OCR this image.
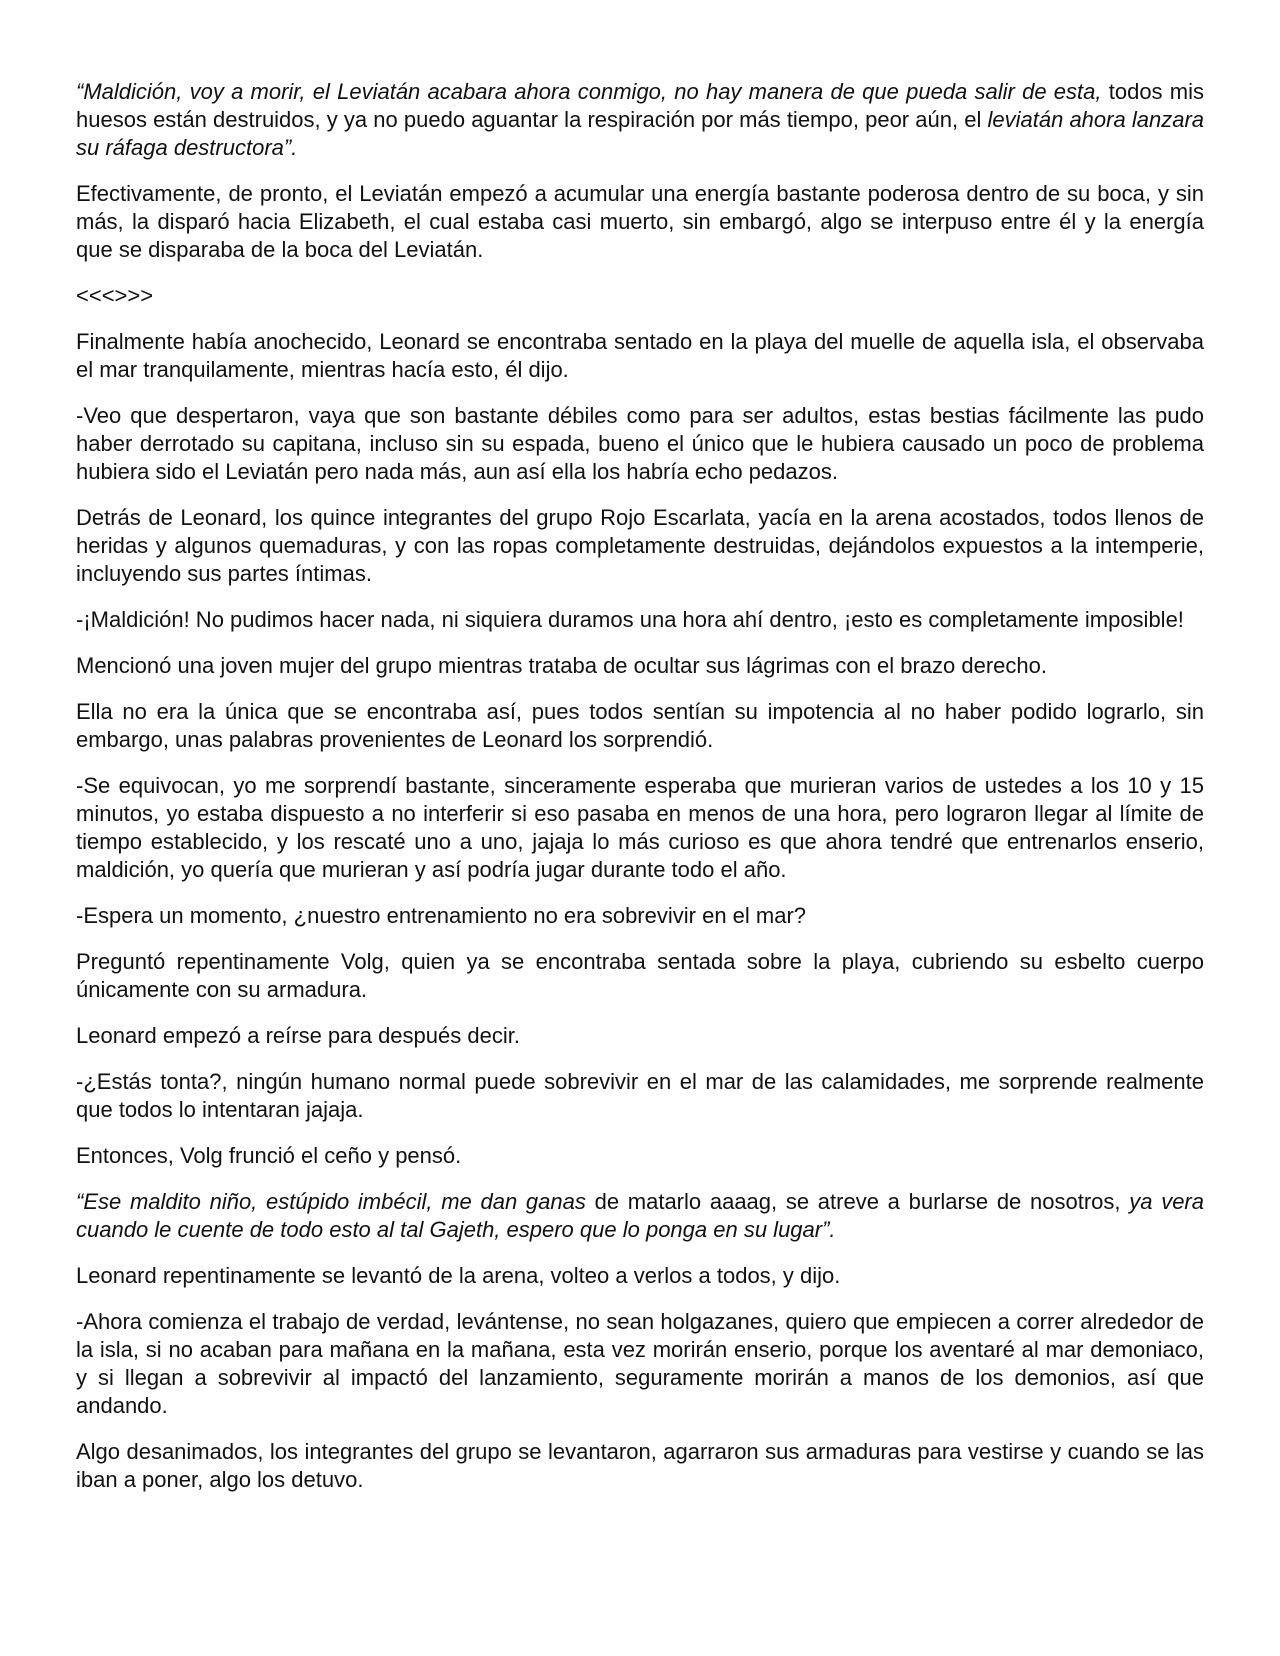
“Maldición, voy a morir, el Leviatán acabara ahora conmigo, no hay manera de que pueda salir de esta, todos mis huesos están destruidos, y ya no puedo aguantar la respiración por más tiempo, peor aún, el leviatán ahora lanzara su ráfaga destructora”.

Efectivamente, de pronto, el Leviatán empezó a acumular una energía bastante poderosa dentro de su boca, y sin más, la disparó hacia Elizabeth, el cual estaba casi muerto, sin embargó, algo se interpuso entre él y la energía que se disparaba de la boca del Leviatán.

<<<>>>

Finalmente había anochecido, Leonard se encontraba sentado en la playa del muelle de aquella isla, el observaba el mar tranquilamente, mientras hacía esto, él dijo.

-Veo que despertaron, vaya que son bastante débiles como para ser adultos, estas bestias fácilmente las pudo haber derrotado su capitana, incluso sin su espada, bueno el único que le hubiera causado un poco de problema hubiera sido el Leviatán pero nada más, aun así ella los habría echo pedazos.

Detrás de Leonard, los quince integrantes del grupo Rojo Escarlata, yacía en la arena acostados, todos llenos de heridas y algunos quemaduras, y con las ropas completamente destruidas, dejándolos expuestos a la intemperie, incluyendo sus partes íntimas.

-¡Maldición! No pudimos hacer nada, ni siquiera duramos una hora ahí dentro, ¡esto es completamente imposible!

Mencionó una joven mujer del grupo mientras trataba de ocultar sus lágrimas con el brazo derecho.

Ella no era la única que se encontraba así, pues todos sentían su impotencia al no haber podido lograrlo, sin embargo, unas palabras provenientes de Leonard los sorprendió.

-Se equivocan, yo me sorprendí bastante, sinceramente esperaba que murieran varios de ustedes a los 10 y 15 minutos, yo estaba dispuesto a no interferir si eso pasaba en menos de una hora, pero lograron llegar al límite de tiempo establecido, y los rescaté uno a uno, jajaja lo más curioso es que ahora tendré que entrenarlos enserio, maldición, yo quería que murieran y así podría jugar durante todo el año.

-Espera un momento, ¿nuestro entrenamiento no era sobrevivir en el mar?

Preguntó repentinamente Volg, quien ya se encontraba sentada sobre la playa, cubriendo su esbelto cuerpo únicamente con su armadura.

Leonard empezó a reírse para después decir.

-¿Estás tonta?, ningún humano normal puede sobrevivir en el mar de las calamidades, me sorprende realmente que todos lo intentaran jajaja.

Entonces, Volg frunció el ceño y pensó.

“Ese maldito niño, estúpido imbécil, me dan ganas de matarlo aaaag, se atreve a burlarse de nosotros, ya vera cuando le cuente de todo esto al tal Gajeth, espero que lo ponga en su lugar”.

Leonard repentinamente se levantó de la arena, volteo a verlos a todos, y dijo.

-Ahora comienza el trabajo de verdad, levántense, no sean holgazanes, quiero que empiecen a correr alrededor de la isla, si no acaban para mañana en la mañana, esta vez morirán enserio, porque los aventaré al mar demoniaco, y si llegan a sobrevivir al impactó del lanzamiento, seguramente morirán a manos de los demonios, así que andando.

Algo desanimados, los integrantes del grupo se levantaron, agarraron sus armaduras para vestirse y cuando se las iban a poner, algo los detuvo.
